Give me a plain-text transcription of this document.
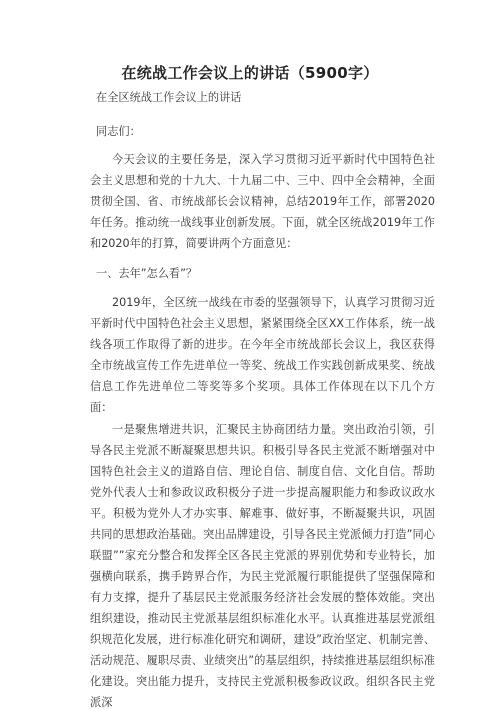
在统战工作会议上的讲话（5900字）
在全区统战工作会议上的讲话
同志们：

今天会议的主要任务是，深入学习贯彻习近平新时代中国特色社会主义思想和党的十九大、十九届二中、三中、四中全会精神，全面贯彻全国、省、市统战部长会议精神，总结2019年工作，部署2020年任务。推动统一战线事业创新发展。下面，就全区统战2019年工作和2020年的打算，简要讲两个方面意见：

一、去年”怎么看”？

2019年，全区统一战线在市委的坚强领导下，认真学习贯彻习近平新时代中国特色社会主义思想，紧紧围绕全区XX工作体系，统一战线各项工作取得了新的进步。在今年全市统战部长会议上，我区获得全市统战宣传工作先进单位一等奖、统战工作实践创新成果奖、统战信息工作先进单位二等奖等多个奖项。具体工作体现在以下几个方面：

一是聚焦增进共识，汇聚民主协商团结力量。突出政治引领，引导各民主党派不断凝聚思想共识。积极引导各民主党派不断增强对中国特色社会主义的道路自信、理论自信、制度自信、文化自信。帮助党外代表人士和参政议政积极分子进一步提高履职能力和参政议政水平。积极为党外人才办实事、解难事、做好事，不断凝聚共识，巩固共同的思想政治基础。突出品牌建设，引导各民主党派倾力打造”同心联盟””家充分整合和发挥全区各民主党派的界别优势和专业特长，加强横向联系，携手跨界合作，为民主党派履行职能提供了坚强保障和有力支撑，提升了基层民主党派服务经济社会发展的整体效能。突出组织建设，推动民主党派基层组织标准化水平。认真推进基层党派组织规范化发展，进行标准化研究和调研，建设”政治坚定、机制完善、活动规范、履职尽责、业绩突出”的基层组织，持续推进基层组织标准化建设。突出能力提升，支持民主党派积极参政议政。组织各民主党派深
